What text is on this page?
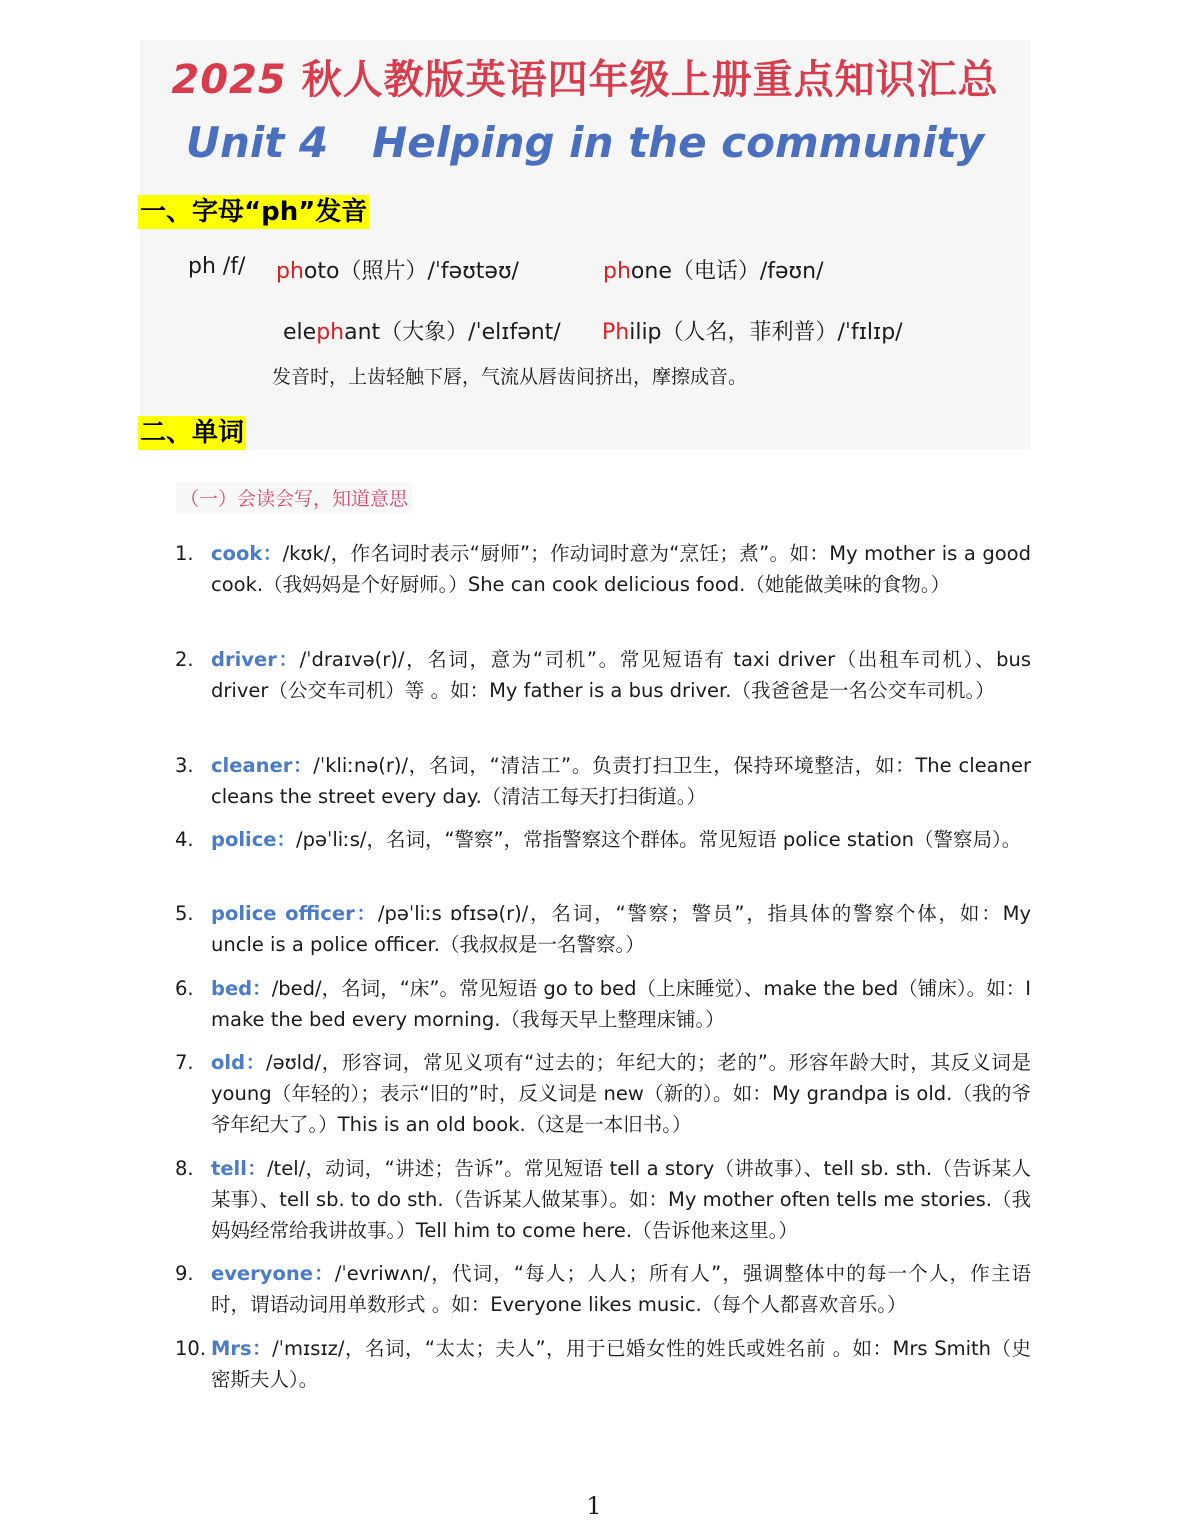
2025 秋人教版英语四年级上册重点知识汇总
Unit 4 Helping in the community
一、字母“ph”发音
ph /f/ photo（照片）/ˈfəʊtəʊ/	phone（电话）/fəʊn/
elephant（大象）/ˈelɪfənt/ Philip（人名，菲利普）/ˈfɪlɪp/
发音时，上齿轻触下唇，气流从唇齿间挤出，摩擦成音。
二、单词
（一）会读会写，知道意思
1. cook：/kʊk/，作名词时表示“厨师”；作动词时意为“烹饪；煮”。如：My mother is a good cook.（我妈妈是个好厨师。）She can cook delicious food.（她能做美味的食物。）
2. driver：/ˈdraɪvə(r)/，名词，意为“司机”。常见短语有 taxi driver（出租车司机）、bus driver（公交车司机）等 。如：My father is a bus driver.（我爸爸是一名公交车司机。）
3. cleaner：/ˈkliːnə(r)/，名词，“清洁工”。负责打扫卫生，保持环境整洁，如：The cleaner cleans the street every day.（清洁工每天打扫街道。）
4. police：/pəˈliːs/，名词，“警察”，常指警察这个群体。常见短语 police station（警察局）。
5. police officer：/pəˈliːs ɒfɪsə(r)/，名词，“警察；警员”，指具体的警察个体，如：My uncle is a police officer.（我叔叔是一名警察。）
6. bed：/bed/，名词，“床”。常见短语 go to bed（上床睡觉）、make the bed（铺床）。如：I make the bed every morning.（我每天早上整理床铺。）
7. old：/əʊld/，形容词，常见义项有“过去的；年纪大的；老的”。形容年龄大时，其反义词是 young（年轻的）；表示“旧的”时，反义词是 new（新的）。如：My grandpa is old.（我的爷爷年纪大了。）This is an old book.（这是一本旧书。）
8. tell：/tel/，动词，“讲述；告诉”。常见短语 tell a story（讲故事）、tell sb. sth.（告诉某人某事）、tell sb. to do sth.（告诉某人做某事）。如：My mother often tells me stories.（我妈妈经常给我讲故事。）Tell him to come here.（告诉他来这里。）
9. everyone：/ˈevriwʌn/，代词，“每人；人人；所有人”，强调整体中的每一个人，作主语时，谓语动词用单数形式 。如：Everyone likes music.（每个人都喜欢音乐。）
10. Mrs：/ˈmɪsɪz/，名词，“太太；夫人”，用于已婚女性的姓氏或姓名前 。如：Mrs Smith（史密斯夫人）。
1
